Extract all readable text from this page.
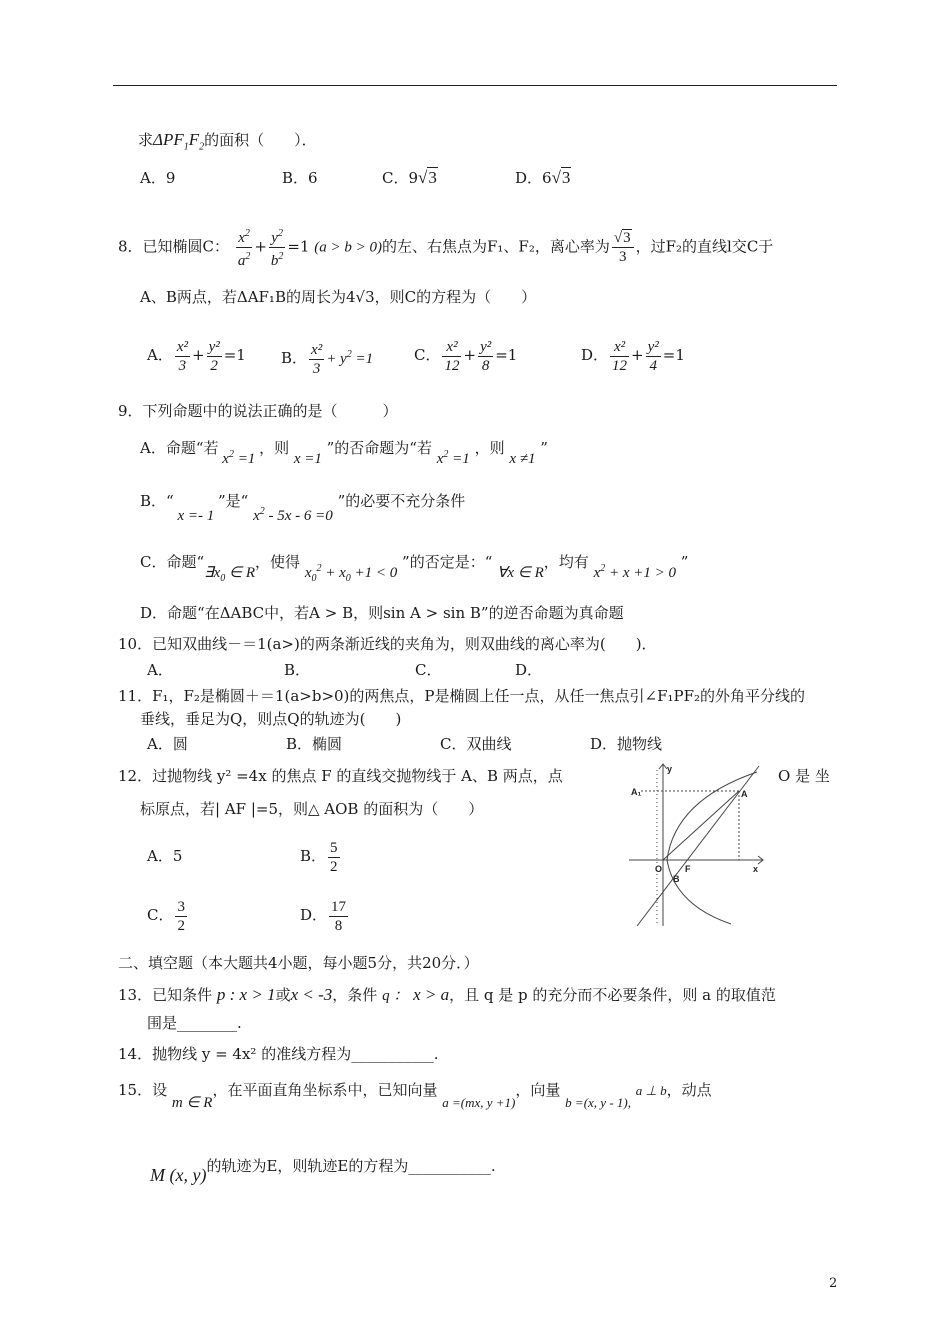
求$\Delta PF_1F_2$的面积（　　）．
A．9	B．6	C．9√3	D．6√3
8．已知椭圆C： $\frac{x^2}{a^2} + \frac{y^2}{b^2} =1$ (a > b > 0)的左、右焦点为F₁、F₂，离心率为 $\frac{√3}{3}$ ，过F₂的直线l交C于
A、B两点，若ΔAF₁B的周长为4√3，则C的方程为（　　）
A． $\frac{\text{x²}}{3} + \frac{\text{y²}}{2} =1$ B． $\frac{\text{x²}}{3} + y^2 =1$	C． $\frac{\text{x²}}{12} + \frac{\text{y²}}{8} =1$	D． $\frac{\text{x²}}{12} + \frac{\text{y²}}{4} =1$
9．下列命题中的说法正确的是（　　　）
A．命题“若 $x^2 =1$ ，则 x =1 ”的否命题为“若 $x^2 =1$ ，则 x ≠1 ”
B．“ x =- 1 ”是“ $x^2 - 5x - 6 =0$ ”的必要不充分条件
C．命题“$\exists x_0$ ∈ R，使得 $x_0^2 + x_0 +1 < 0$ ”的否定是：“ ∀x ∈ R，均有 $x^2 + x +1 > 0$ ”
D．命题“在ΔABC中，若A > B，则sin A > sin B”的逆否命题为真命题
10．已知双曲线－＝1(a>)的两条渐近线的夹角为，则双曲线的离心率为(　　)．
A．	B．	C．	D．
11．F₁，F₂是椭圆＋＝1(a>b>0)的两焦点，P是椭圆上任一点，从任一焦点引∠F₁PF₂的外角平分线的
垂线，垂足为Q，则点Q的轨迹为(　　)
A．圆	B．椭圆	C．双曲线	D．抛物线
12．过抛物线 y² =4x 的焦点 F 的直线交抛物线于 A、B 两点，点	O 是 坐
标原点，若| AF |=5，则△ AOB 的面积为（　　）
A．5	B． $\frac{5}{2}$
C． $\frac{3}{2}$	D． $\frac{17}{8}$
y
A₁	A
O	F
B
x
二、填空题（本大题共4小题，每小题5分，共20分．）
13．已知条件 p : x > 1或x < -3，条件 q ： x > a，且 q 是 p 的充分而不必要条件，则 a 的取值范
围是________.
14．抛物线 y = 4x² 的准线方程为___________.
15．设 m ∈ R，在平面直角坐标系中，已知向量 a =(mx, y +1)，向量 b =(x, y - 1), a ⊥ b，动点
M (x, y)的轨迹为E，则轨迹E的方程为___________.
2
